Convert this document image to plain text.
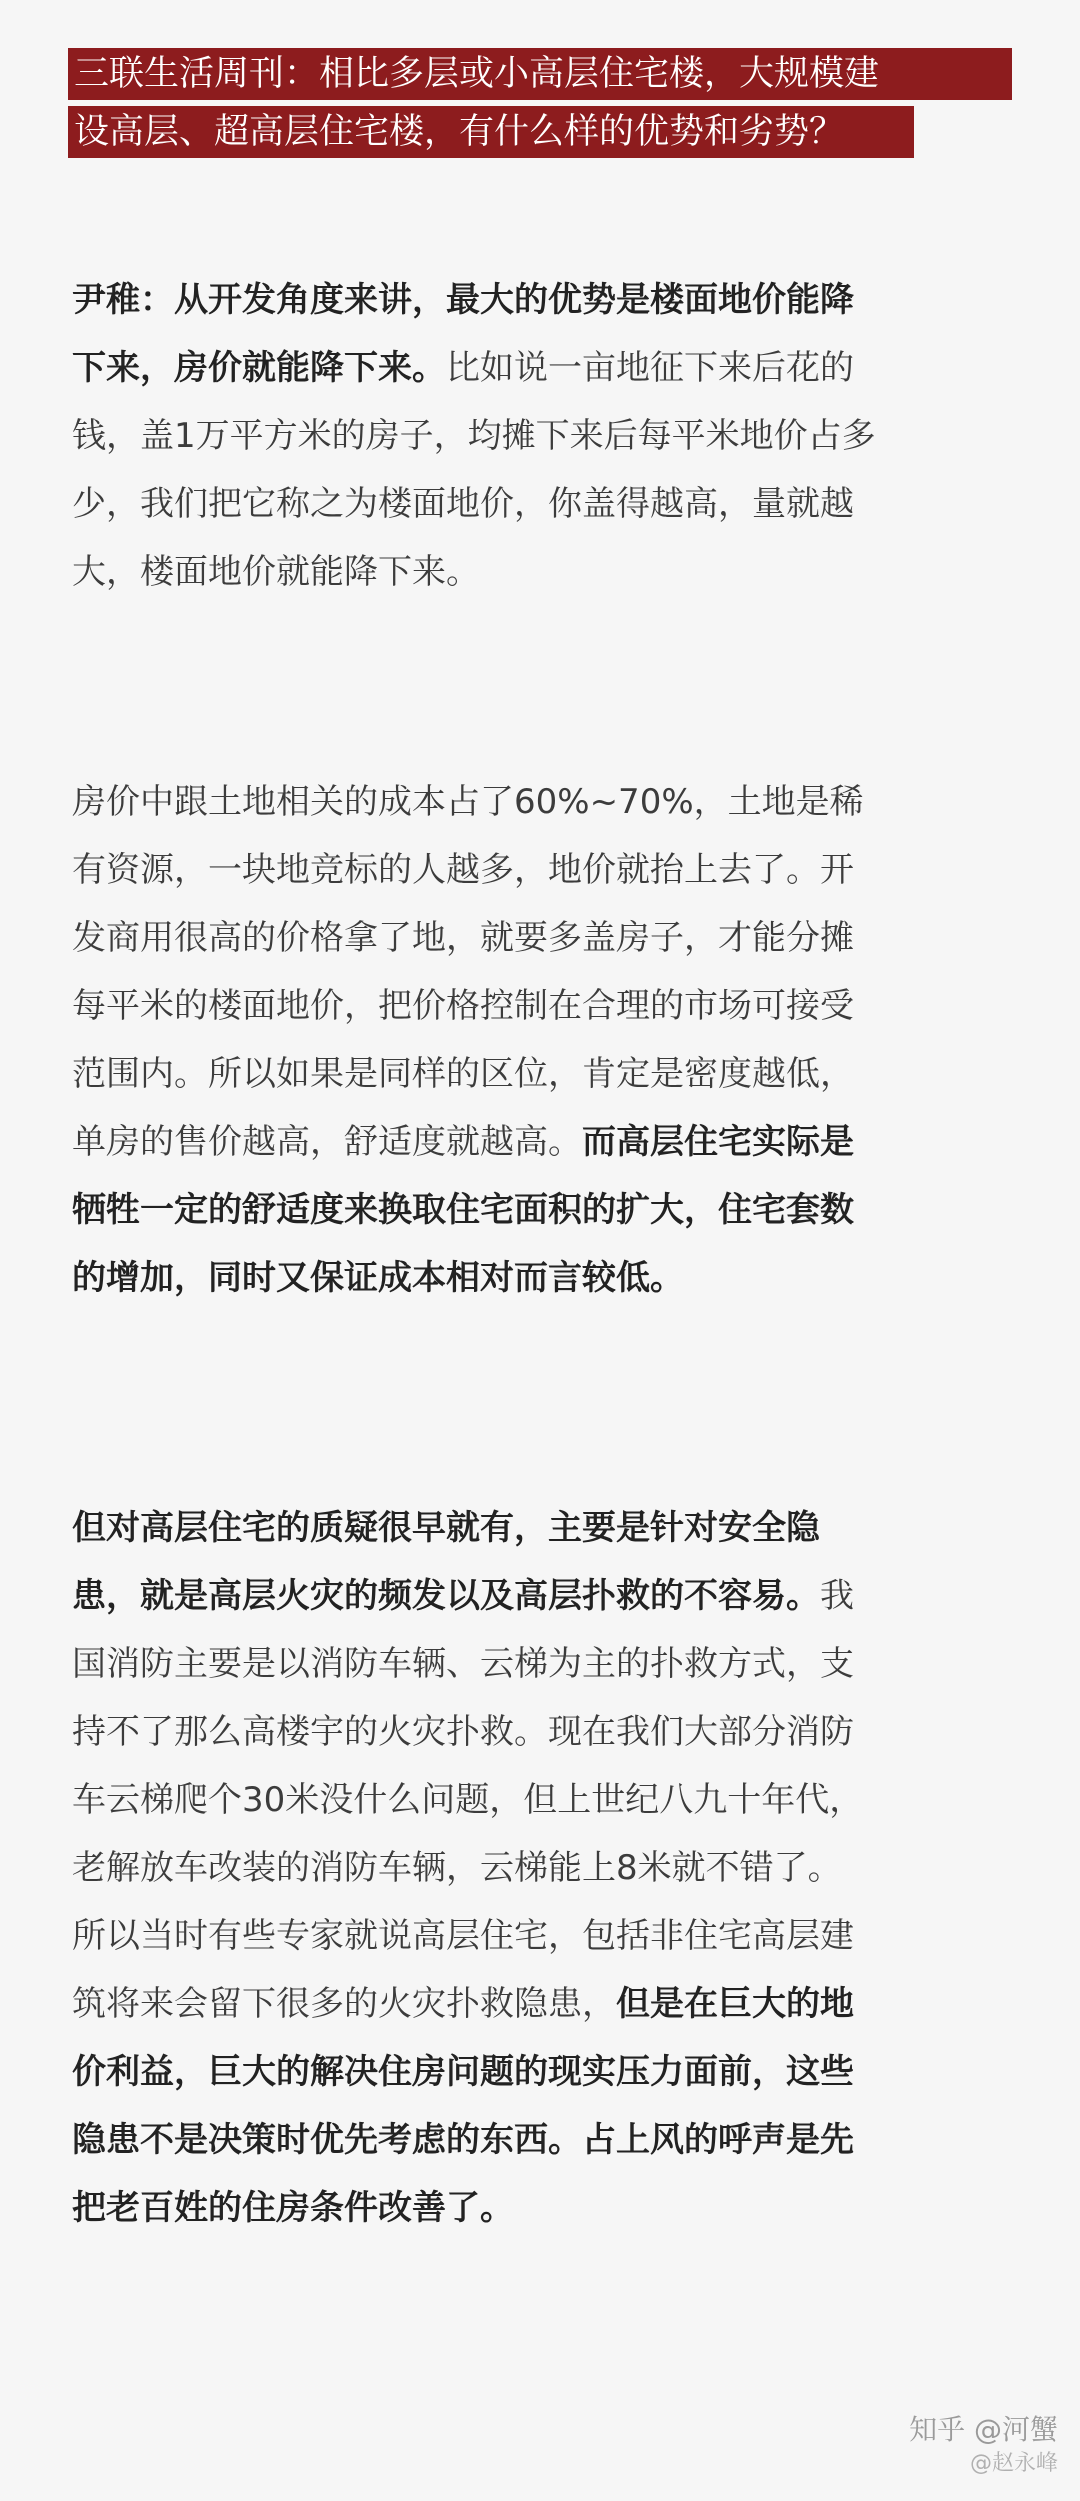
三联生活周刊：相比多层或小高层住宅楼，大规模建
设高层、超高层住宅楼，有什么样的优势和劣势？
尹稚：从开发角度来讲，最大的优势是楼面地价能降
下来，房价就能降下来。比如说一亩地征下来后花的
钱，盖1万平方米的房子，均摊下来后每平米地价占多
少，我们把它称之为楼面地价，你盖得越高，量就越
大，楼面地价就能降下来。
房价中跟土地相关的成本占了60%~70%，土地是稀
有资源，一块地竞标的人越多，地价就抬上去了。开
发商用很高的价格拿了地，就要多盖房子，才能分摊
每平米的楼面地价，把价格控制在合理的市场可接受
范围内。所以如果是同样的区位，肯定是密度越低，
单房的售价越高，舒适度就越高。而高层住宅实际是
牺牲一定的舒适度来换取住宅面积的扩大，住宅套数
的增加，同时又保证成本相对而言较低。
但对高层住宅的质疑很早就有，主要是针对安全隐
患，就是高层火灾的频发以及高层扑救的不容易。我
国消防主要是以消防车辆、云梯为主的扑救方式，支
持不了那么高楼宇的火灾扑救。现在我们大部分消防
车云梯爬个30米没什么问题，但上世纪八九十年代，
老解放车改装的消防车辆，云梯能上8米就不错了。
所以当时有些专家就说高层住宅，包括非住宅高层建
筑将来会留下很多的火灾扑救隐患，但是在巨大的地
价利益，巨大的解决住房问题的现实压力面前，这些
隐患不是决策时优先考虑的东西。占上风的呼声是先
把老百姓的住房条件改善了。
知乎 @河蟹
@赵永峰
